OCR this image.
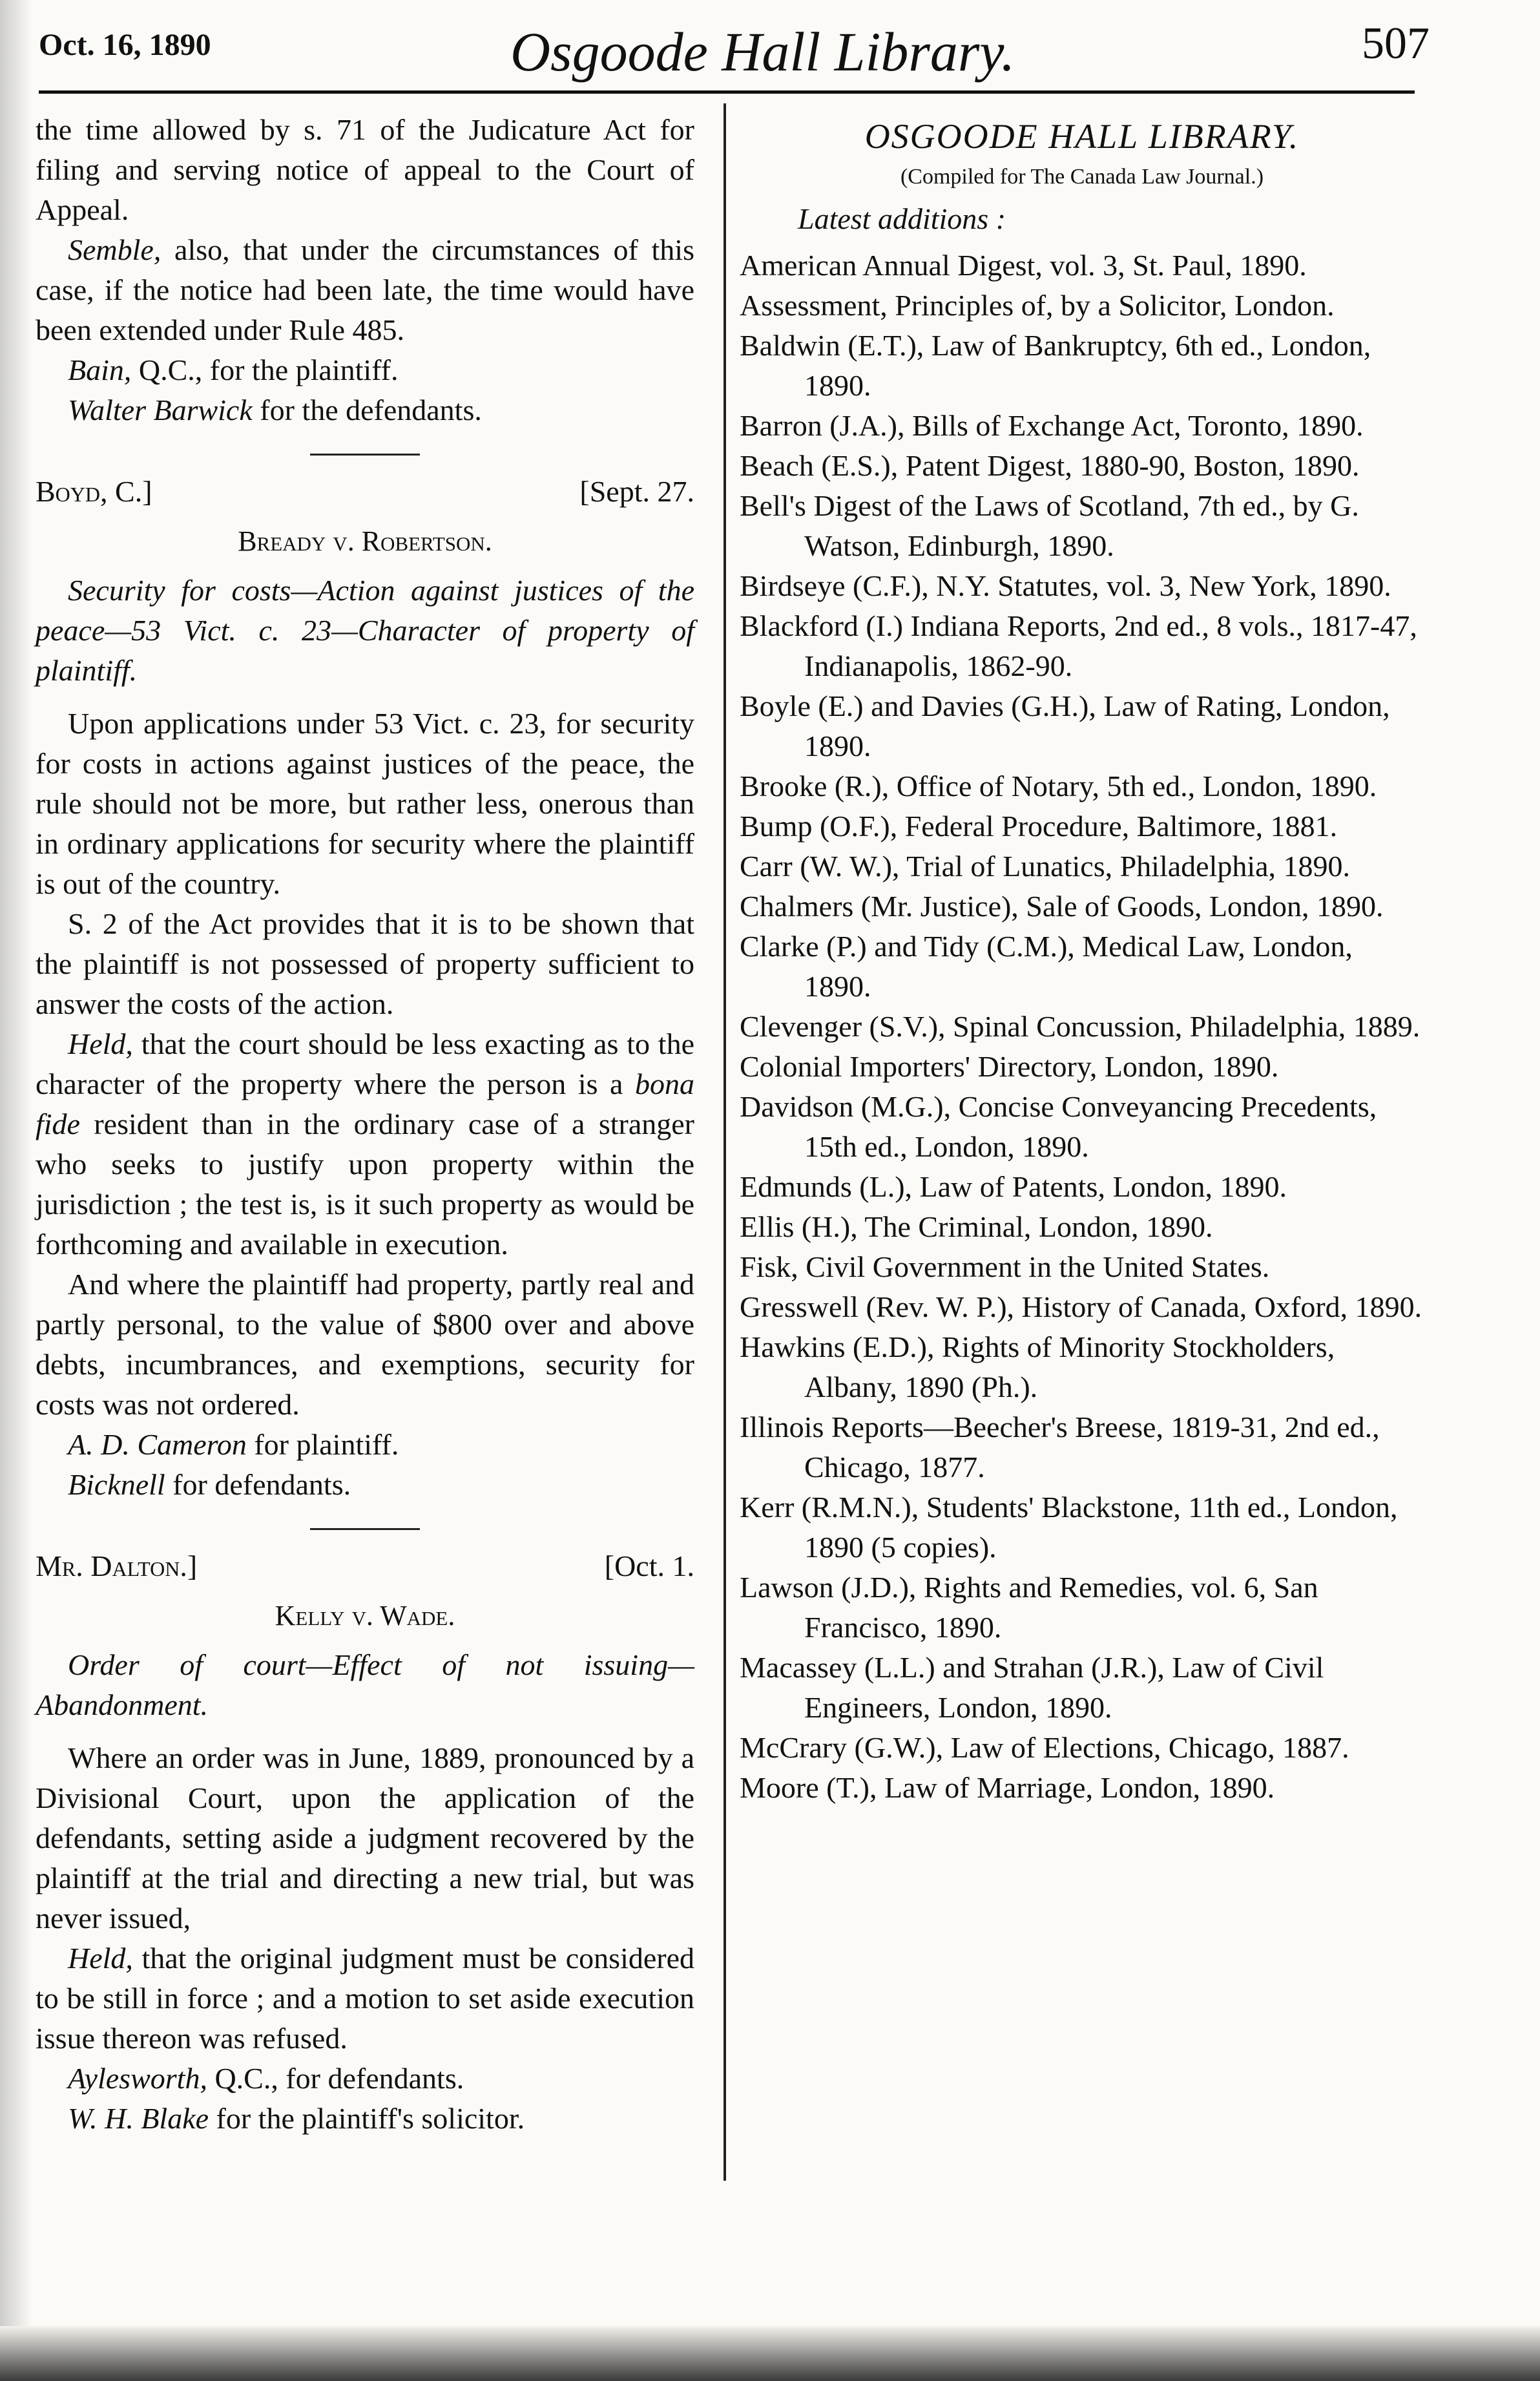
Oct. 16, 1890	Osgoode Hall Library.	507

the time allowed by s. 71 of the Judicature Act for filing and serving notice of appeal to the Court of Appeal.

Semble, also, that under the circumstances of this case, if the notice had been late, the time would have been extended under Rule 485.

Bain, Q.C., for the plaintiff.

Walter Barwick for the defendants.

Boyd, C.]	[Sept. 27.
Bready v. Robertson.

Security for costs—Action against justices of the peace—53 Vict. c. 23—Character of property of plaintiff.

Upon applications under 53 Vict. c. 23, for security for costs in actions against justices of the peace, the rule should not be more, but rather less, onerous than in ordinary applications for security where the plaintiff is out of the country.

S. 2 of the Act provides that it is to be shown that the plaintiff is not possessed of property sufficient to answer the costs of the action.

Held, that the court should be less exacting as to the character of the property where the person is a bona fide resident than in the ordinary case of a stranger who seeks to justify upon property within the jurisdiction ; the test is, is it such property as would be forthcoming and available in execution.

And where the plaintiff had property, partly real and partly personal, to the value of $800 over and above debts, incumbrances, and exemptions, security for costs was not ordered.

A. D. Cameron for plaintiff.

Bicknell for defendants.

Mr. Dalton.]	[Oct. 1.
Kelly v. Wade.

Order of court—Effect of not issuing—Abandonment.

Where an order was in June, 1889, pronounced by a Divisional Court, upon the application of the defendants, setting aside a judgment recovered by the plaintiff at the trial and directing a new trial, but was never issued,

Held, that the original judgment must be considered to be still in force ; and a motion to set aside execution issue thereon was refused.

Aylesworth, Q.C., for defendants.

W. H. Blake for the plaintiff's solicitor.

OSGOODE HALL LIBRARY.
(Compiled for The Canada Law Journal.)
Latest additions :

American Annual Digest, vol. 3, St. Paul, 1890.

Assessment, Principles of, by a Solicitor, London.

Baldwin (E.T.), Law of Bankruptcy, 6th ed., London, 1890.

Barron (J.A.), Bills of Exchange Act, Toronto, 1890.

Beach (E.S.), Patent Digest, 1880-90, Boston, 1890.

Bell's Digest of the Laws of Scotland, 7th ed., by G. Watson, Edinburgh, 1890.

Birdseye (C.F.), N.Y. Statutes, vol. 3, New York, 1890.

Blackford (I.) Indiana Reports, 2nd ed., 8 vols., 1817-47, Indianapolis, 1862-90.

Boyle (E.) and Davies (G.H.), Law of Rating, London, 1890.

Brooke (R.), Office of Notary, 5th ed., London, 1890.

Bump (O.F.), Federal Procedure, Baltimore, 1881.

Carr (W. W.), Trial of Lunatics, Philadelphia, 1890.

Chalmers (Mr. Justice), Sale of Goods, London, 1890.

Clarke (P.) and Tidy (C.M.), Medical Law, London, 1890.

Clevenger (S.V.), Spinal Concussion, Philadelphia, 1889.

Colonial Importers' Directory, London, 1890.

Davidson (M.G.), Concise Conveyancing Precedents, 15th ed., London, 1890.

Edmunds (L.), Law of Patents, London, 1890.

Ellis (H.), The Criminal, London, 1890.

Fisk, Civil Government in the United States.

Gresswell (Rev. W. P.), History of Canada, Oxford, 1890.

Hawkins (E.D.), Rights of Minority Stockholders, Albany, 1890 (Ph.).

Illinois Reports—Beecher's Breese, 1819-31, 2nd ed., Chicago, 1877.

Kerr (R.M.N.), Students' Blackstone, 11th ed., London, 1890 (5 copies).

Lawson (J.D.), Rights and Remedies, vol. 6, San Francisco, 1890.

Macassey (L.L.) and Strahan (J.R.), Law of Civil Engineers, London, 1890.

McCrary (G.W.), Law of Elections, Chicago, 1887.

Moore (T.), Law of Marriage, London, 1890.
